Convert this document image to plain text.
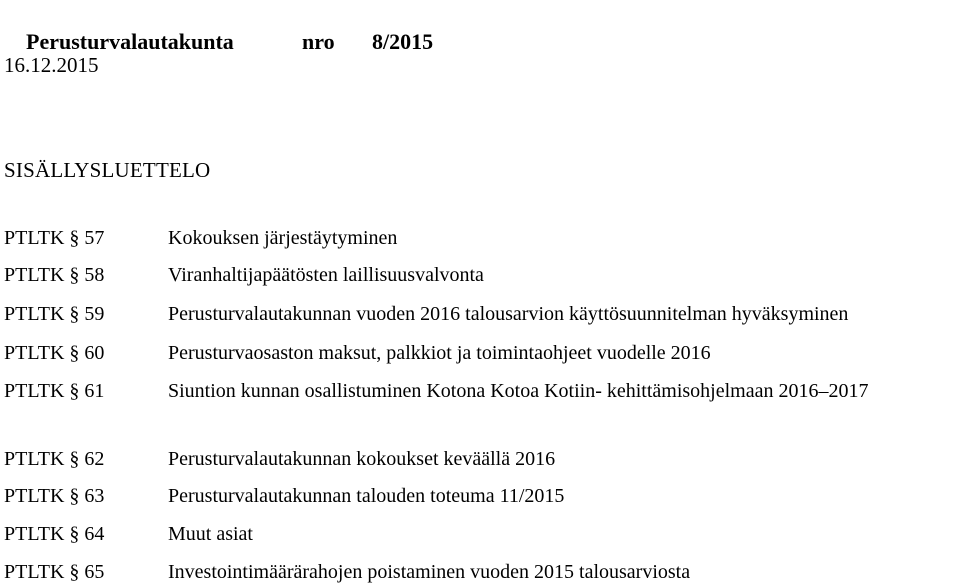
Perusturvalautakunta	nro 8/2015

16.12.2015
SISÄLLYSLUETTELO
PTLTK § 57	Kokouksen järjestäytyminen
PTLTK § 58	Viranhaltijapäätösten laillisuusvalvonta
PTLTK § 59	Perusturvalautakunnan vuoden 2016 talousarvion käyttösuunnitelman hyväksyminen
PTLTK § 60	Perusturvaosaston maksut, palkkiot ja toimintaohjeet vuodelle 2016
PTLTK § 61	Siuntion kunnan osallistuminen Kotona Kotoa Kotiin- kehittämisohjelmaan 2016–2017
PTLTK § 62	Perusturvalautakunnan kokoukset keväällä 2016
PTLTK § 63	Perusturvalautakunnan talouden toteuma 11/2015
PTLTK § 64	Muut asiat
PTLTK § 65	Investointimäärärahojen poistaminen vuoden 2015 talousarviosta
